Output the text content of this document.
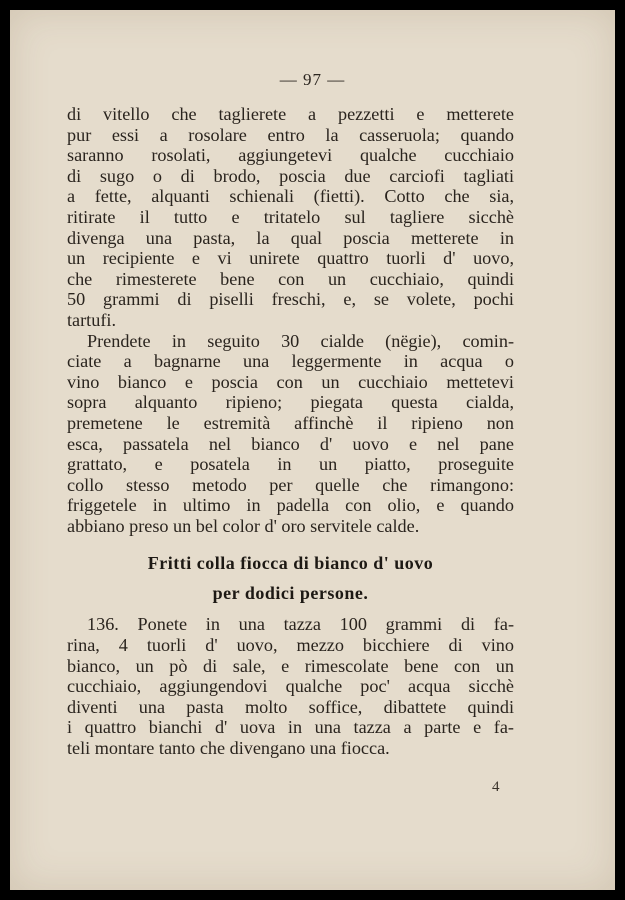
— 97 —
di vitello che taglierete a pezzetti e metterete
pur essi a rosolare entro la casseruola; quando
saranno rosolati, aggiungetevi qualche cucchiaio
di sugo o di brodo, poscia due carciofi tagliati
a fette, alquanti schienali (fietti). Cotto che sia,
ritirate il tutto e tritatelo sul tagliere sicchè
divenga una pasta, la qual poscia metterete in
un recipiente e vi unirete quattro tuorli d' uovo,
che rimesterete bene con un cucchiaio, quindi
50 grammi di piselli freschi, e, se volete, pochi
tartufi.
Prendete in seguito 30 cialde (nëgie), comin-
ciate a bagnarne una leggermente in acqua o
vino bianco e poscia con un cucchiaio mettetevi
sopra alquanto ripieno; piegata questa cialda,
premetene le estremità affinchè il ripieno non
esca, passatela nel bianco d' uovo e nel pane
grattato, e posatela in un piatto, proseguite
collo stesso metodo per quelle che rimangono:
friggetele in ultimo in padella con olio, e quando
abbiano preso un bel color d' oro servitele calde.
Fritti colla fiocca di bianco d' uovo
per dodici persone.
136. Ponete in una tazza 100 grammi di fa-
rina, 4 tuorli d' uovo, mezzo bicchiere di vino
bianco, un pò di sale, e rimescolate bene con un
cucchiaio, aggiungendovi qualche poc' acqua sicchè
diventi una pasta molto soffice, dibattete quindi
i quattro bianchi d' uova in una tazza a parte e fa-
teli montare tanto che divengano una fiocca.
4
